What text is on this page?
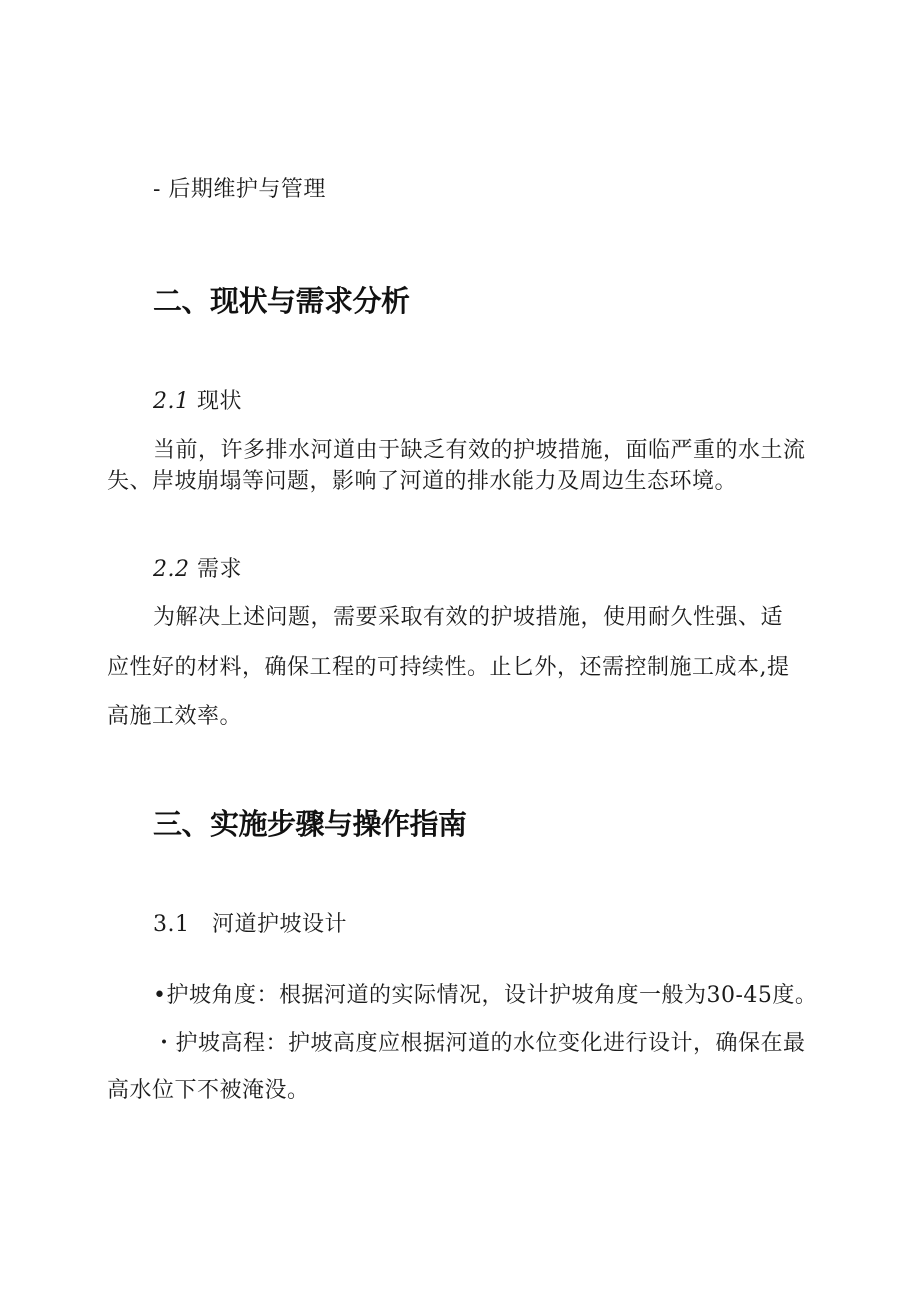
- 后期维护与管理
二、现状与需求分析
2.1 现状
当前，许多排水河道由于缺乏有效的护坡措施，面临严重的水土流
失、岸坡崩塌等问题，影响了河道的排水能力及周边生态环境。
2.2 需求
为解决上述问题，需要采取有效的护坡措施，使用耐久性强、适
应性好的材料，确保工程的可持续性。止匕外，还需控制施工成本,提
高施工效率。
三、实施步骤与操作指南
3.1 河道护坡设计
•护坡角度：根据河道的实际情况，设计护坡角度一般为30-45度。
・护坡高程：护坡高度应根据河道的水位变化进行设计，确保在最
高水位下不被淹没。
